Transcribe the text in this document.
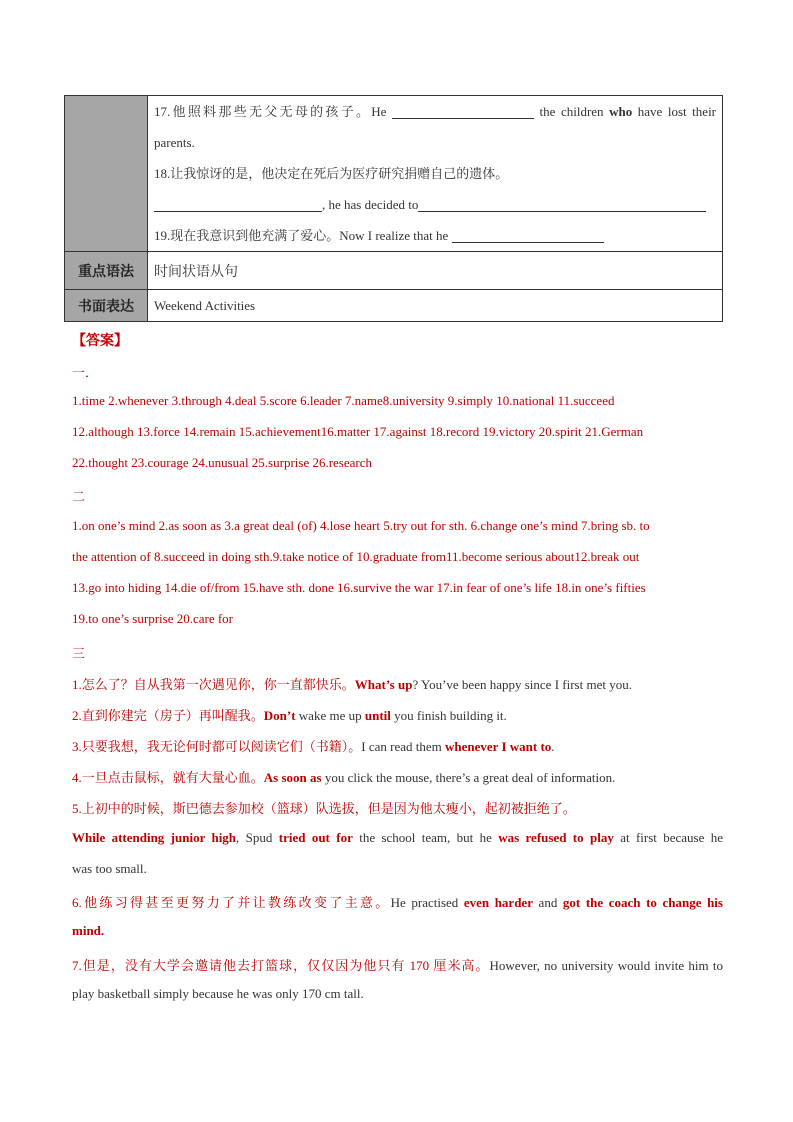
	17.他照料那些无父无母的孩子。He the children who have lost their
parents.
18.让我惊讶的是，他决定在死后为医疗研究捐赠自己的遗体。
, he has decided to
19.现在我意识到他充满了爱心。Now I realize that he

重点语法	时间状语从句
书面表达	Weekend Activities
【答案】
一．
1.time 2.whenever 3.through 4.deal 5.score 6.leader 7.name8.university 9.simply 10.national 11.succeed
12.although 13.force 14.remain 15.achievement16.matter 17.against 18.record 19.victory 20.spirit 21.German
22.thought 23.courage 24.unusual 25.surprise 26.research
二
1.on one’s mind 2.as soon as 3.a great deal (of) 4.lose heart 5.try out for sth. 6.change one’s mind 7.bring sb. to
the attention of 8.succeed in doing sth.9.take notice of 10.graduate from11.become serious about12.break out
13.go into hiding 14.die of/from 15.have sth. done 16.survive the war 17.in fear of one’s life 18.in one’s fifties
19.to one’s surprise 20.care for
三
1.怎么了？自从我第一次遇见你，你一直都快乐。What’s up? You’ve been happy since I first met you.
2.直到你建完（房子）再叫醒我。Don’t wake me up until you finish building it.
3.只要我想，我无论何时都可以阅读它们（书籍）。I can read them whenever I want to.
4.一旦点击鼠标，就有大量心血。As soon as you click the mouse, there’s a great deal of information.
5.上初中的时候，斯巴德去参加校（篮球）队选拔，但是因为他太瘦小，起初被拒绝了。
While attending junior high, Spud tried out for the school team, but he was refused to play at first because he
was too small.
6.他练习得甚至更努力了并让教练改变了主意。He practised even harder and got the coach to change his
mind.
7.但是，没有大学会邀请他去打篮球，仅仅因为他只有 170 厘米高。However, no university would invite him to
play basketball simply because he was only 170 cm tall.
